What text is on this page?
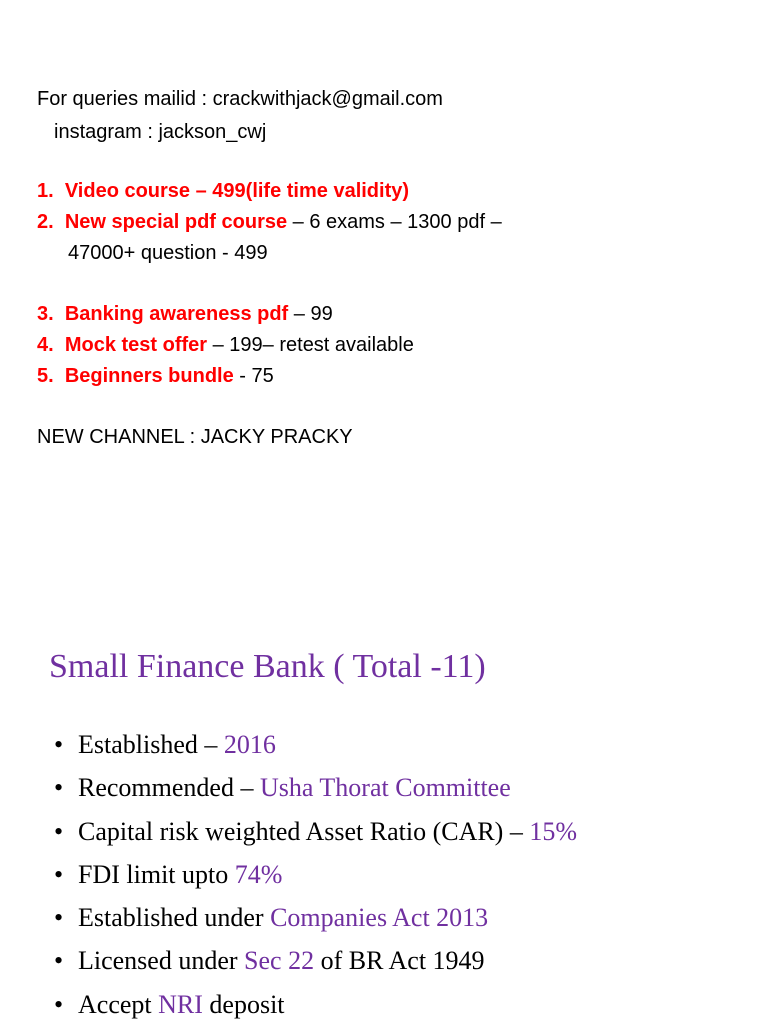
For queries mailid : crackwithjack@gmail.com
instagram : jackson_cwj
1. Video course – 499(life time validity)
2. New special pdf course – 6 exams – 1300 pdf –
47000+ question - 499
3. Banking awareness pdf – 99
4. Mock test offer – 199– retest available
5. Beginners bundle - 75
NEW CHANNEL : JACKY PRACKY
Small Finance Bank ( Total -11)
• Established – 2016
• Recommended – Usha Thorat Committee
• Capital risk weighted Asset Ratio (CAR) – 15%
• FDI limit upto 74%
• Established under Companies Act 2013
• Licensed under Sec 22 of BR Act 1949
• Accept NRI deposit
